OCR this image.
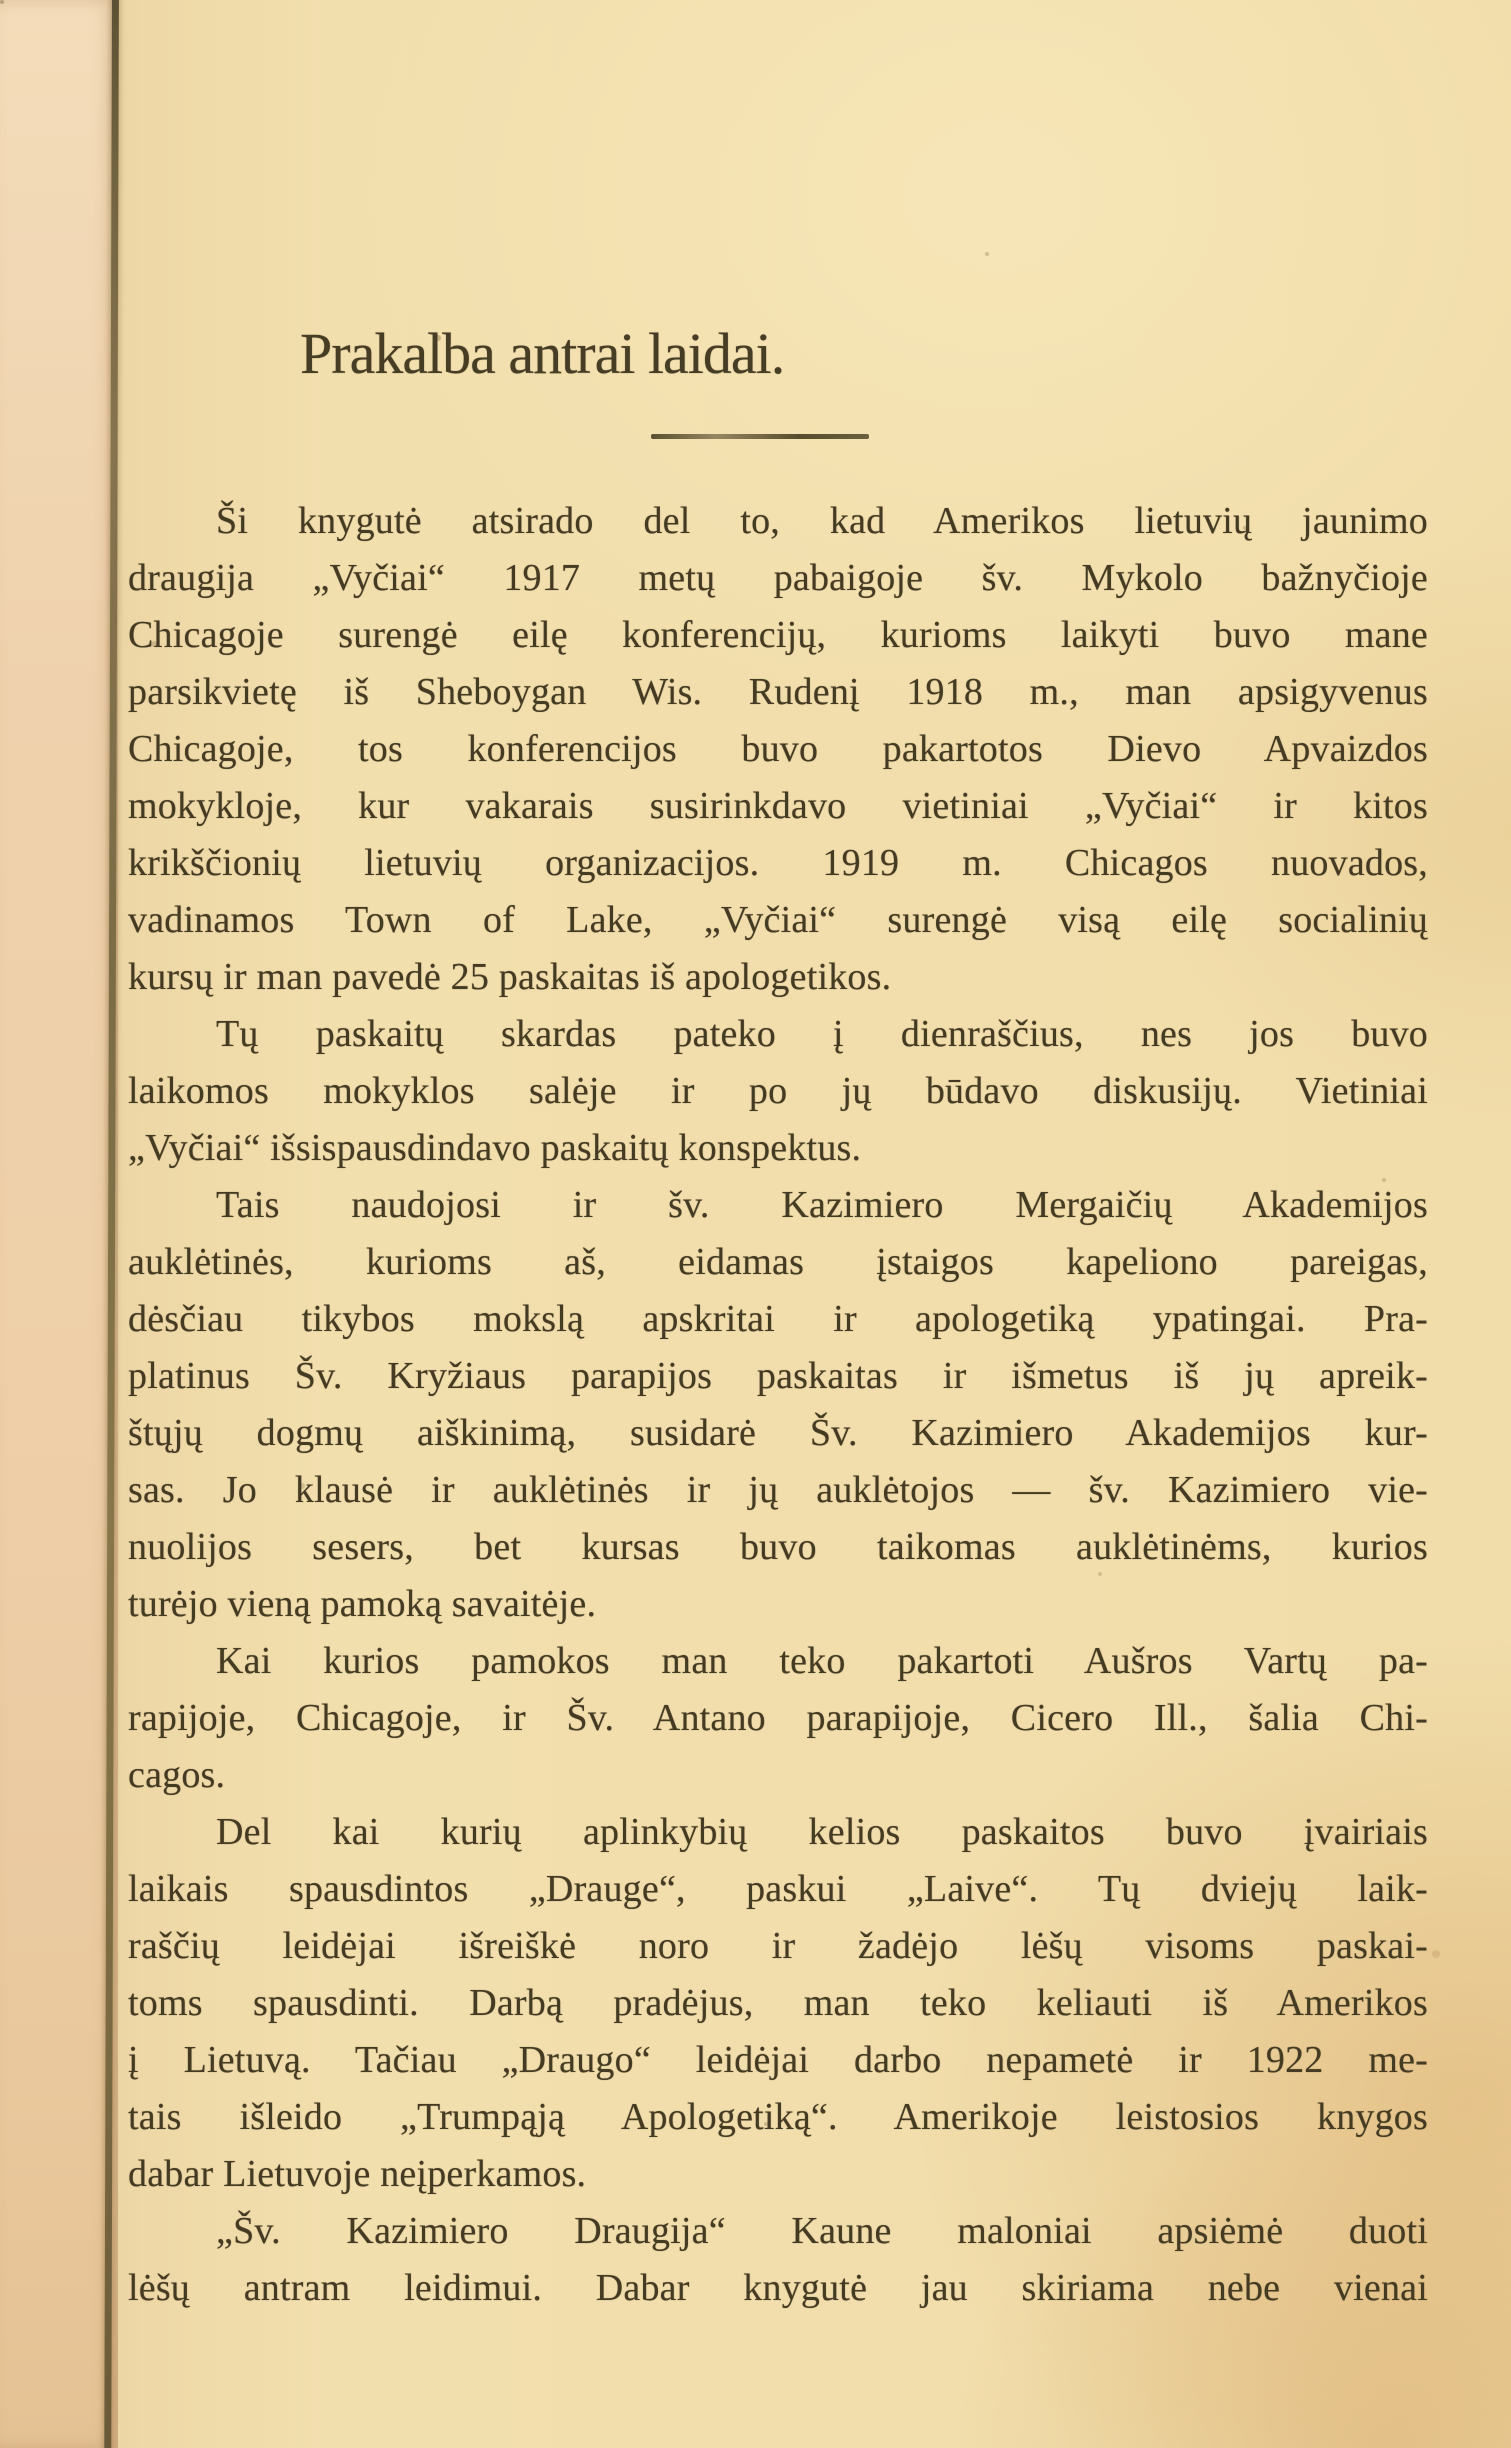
Prakalba antrai laidai.
Ši knygutė atsirado del to, kad Amerikos lietuvių jaunimo
draugija „Vyčiai“ 1917 metų pabaigoje šv. Mykolo bažnyčioje
Chicagoje surengė eilę konferencijų, kurioms laikyti buvo mane
parsikvietę iš Sheboygan Wis. Rudenį 1918 m., man apsigyvenus
Chicagoje, tos konferencijos buvo pakartotos Dievo Apvaizdos
mokykloje, kur vakarais susirinkdavo vietiniai „Vyčiai“ ir kitos
krikščionių lietuvių organizacijos. 1919 m. Chicagos nuovados,
vadinamos Town of Lake, „Vyčiai“ surengė visą eilę socialinių
kursų ir man pavedė 25 paskaitas iš apologetikos.
Tų paskaitų skardas pateko į dienraščius, nes jos buvo
laikomos mokyklos salėje ir po jų būdavo diskusijų. Vietiniai
„Vyčiai“ išsispausdindavo paskaitų konspektus.
Tais naudojosi ir šv. Kazimiero Mergaičių Akademijos
auklėtinės, kurioms aš, eidamas įstaigos kapeliono pareigas,
dėsčiau tikybos mokslą apskritai ir apologetiką ypatingai. Pra-
platinus Šv. Kryžiaus parapijos paskaitas ir išmetus iš jų apreik-
štųjų dogmų aiškinimą, susidarė Šv. Kazimiero Akademijos kur-
sas. Jo klausė ir auklėtinės ir jų auklėtojos — šv. Kazimiero vie-
nuolijos sesers, bet kursas buvo taikomas auklėtinėms, kurios
turėjo vieną pamoką savaitėje.
Kai kurios pamokos man teko pakartoti Aušros Vartų pa-
rapijoje, Chicagoje, ir Šv. Antano parapijoje, Cicero Ill., šalia Chi-
cagos.
Del kai kurių aplinkybių kelios paskaitos buvo įvairiais
laikais spausdintos „Drauge“, paskui „Laive“. Tų dviejų laik-
raščių leidėjai išreiškė noro ir žadėjo lėšų visoms paskai-
toms spausdinti. Darbą pradėjus, man teko keliauti iš Amerikos
į Lietuvą. Tačiau „Draugo“ leidėjai darbo nepametė ir 1922 me-
tais išleido „Trumpąją Apologetiką“. Amerikoje leistosios knygos
dabar Lietuvoje neįperkamos.
„Šv. Kazimiero Draugija“ Kaune maloniai apsiėmė duoti
lėšų antram leidimui. Dabar knygutė jau skiriama nebe vienai
